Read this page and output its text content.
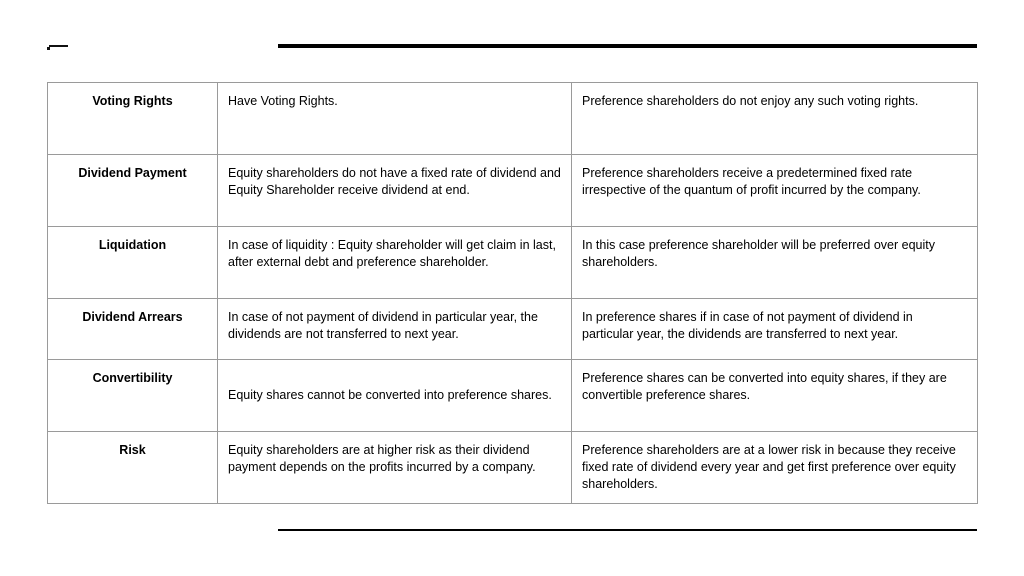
Voting Rights	Have Voting Rights.	Preference shareholders do not enjoy any such voting rights.
Dividend Payment	Equity shareholders do not have a fixed rate of dividend and Equity Shareholder receive dividend at end.	Preference shareholders receive a predetermined fixed rate irrespective of the quantum of profit incurred by the company.
Liquidation	In case of liquidity : Equity shareholder will get claim in last, after external debt and preference shareholder.	In this case preference shareholder will be preferred over equity shareholders.
Dividend Arrears	In case of not payment of dividend in particular year, the dividends are not transferred to next year.	In preference shares if in case of not payment of dividend in particular year, the dividends are transferred to next year.
Convertibility	Equity shares cannot be converted into preference shares.	Preference shares can be converted into equity shares, if they are convertible preference shares.
Risk	Equity shareholders are at higher risk as their dividend payment depends on the profits incurred by a company.	Preference shareholders are at a lower risk in because they receive fixed rate of dividend every year and get first preference over equity shareholders.
